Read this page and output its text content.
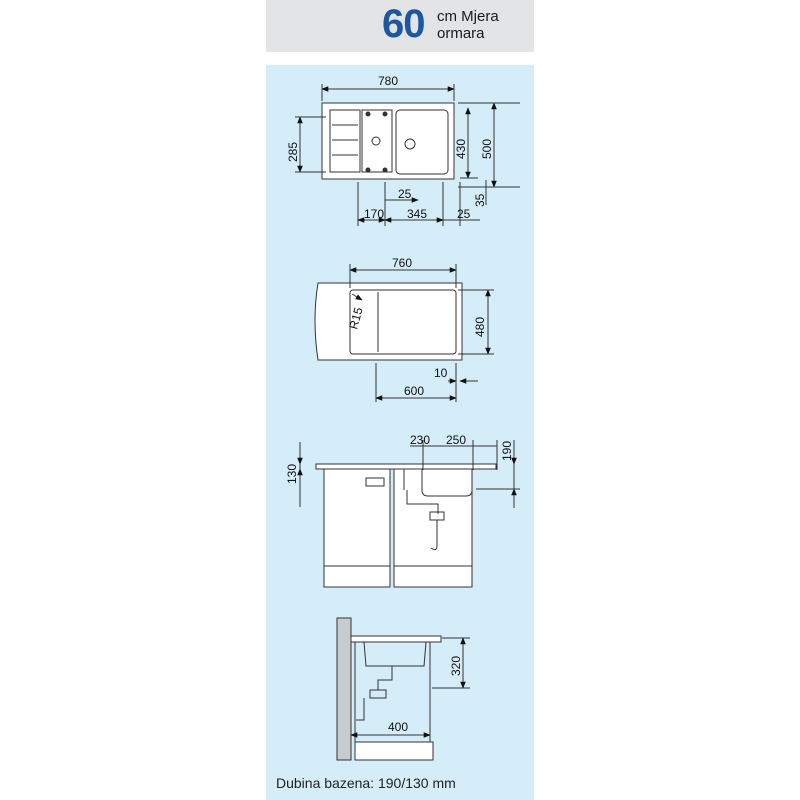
60 cm Mjera
ormara
780
285	500
430
25	35
170 345 25
760
480
R15
10
600
130
230 250
190
320
400
Dubina bazena: 190/130 mm
